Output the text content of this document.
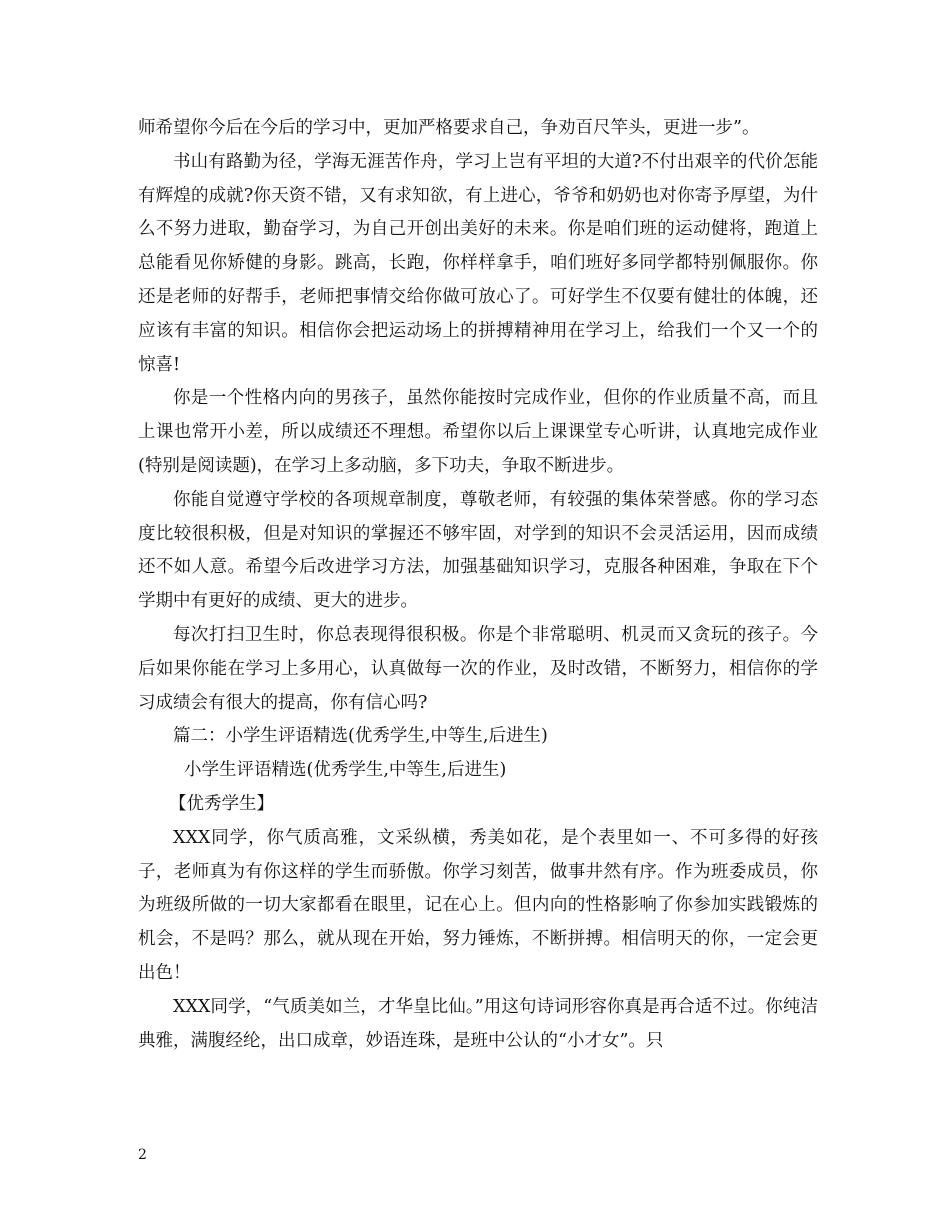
师希望你今后在今后的学习中，更加严格要求自己，争劝百尺竿头，更进一步”。

书山有路勤为径，学海无涯苦作舟，学习上岂有平坦的大道?不付出艰辛的代价怎能有辉煌的成就?你天资不错，又有求知欲，有上进心，爷爷和奶奶也对你寄予厚望，为什么不努力进取，勤奋学习，为自己开创出美好的未来。你是咱们班的运动健将，跑道上总能看见你矫健的身影。跳高，长跑，你样样拿手，咱们班好多同学都特别佩服你。你还是老师的好帮手，老师把事情交给你做可放心了。可好学生不仅要有健壮的体魄，还应该有丰富的知识。相信你会把运动场上的拼搏精神用在学习上，给我们一个又一个的惊喜!

你是一个性格内向的男孩子，虽然你能按时完成作业，但你的作业质量不高，而且上课也常开小差，所以成绩还不理想。希望你以后上课课堂专心听讲，认真地完成作业(特别是阅读题)，在学习上多动脑，多下功夫，争取不断进步。

你能自觉遵守学校的各项规章制度，尊敬老师，有较强的集体荣誉感。你的学习态度比较很积极，但是对知识的掌握还不够牢固，对学到的知识不会灵活运用，因而成绩还不如人意。希望今后改进学习方法，加强基础知识学习，克服各种困难，争取在下个学期中有更好的成绩、更大的进步。

每次打扫卫生时，你总表现得很积极。你是个非常聪明、机灵而又贪玩的孩子。今后如果你能在学习上多用心，认真做每一次的作业，及时改错，不断努力，相信你的学习成绩会有很大的提高，你有信心吗?

篇二：小学生评语精选(优秀学生,中等生,后进生)

小学生评语精选(优秀学生,中等生,后进生)

【优秀学生】

XXX同学，你气质高雅，文采纵横，秀美如花，是个表里如一、不可多得的好孩子，老师真为有你这样的学生而骄傲。你学习刻苦，做事井然有序。作为班委成员，你为班级所做的一切大家都看在眼里，记在心上。但内向的性格影响了你参加实践锻炼的机会，不是吗？那么，就从现在开始，努力锤炼，不断拼搏。相信明天的你，一定会更出色！

XXX同学，“气质美如兰，才华皇比仙。”用这句诗词形容你真是再合适不过。你纯洁典雅，满腹经纶，出口成章，妙语连珠，是班中公认的“小才女”。只

2
